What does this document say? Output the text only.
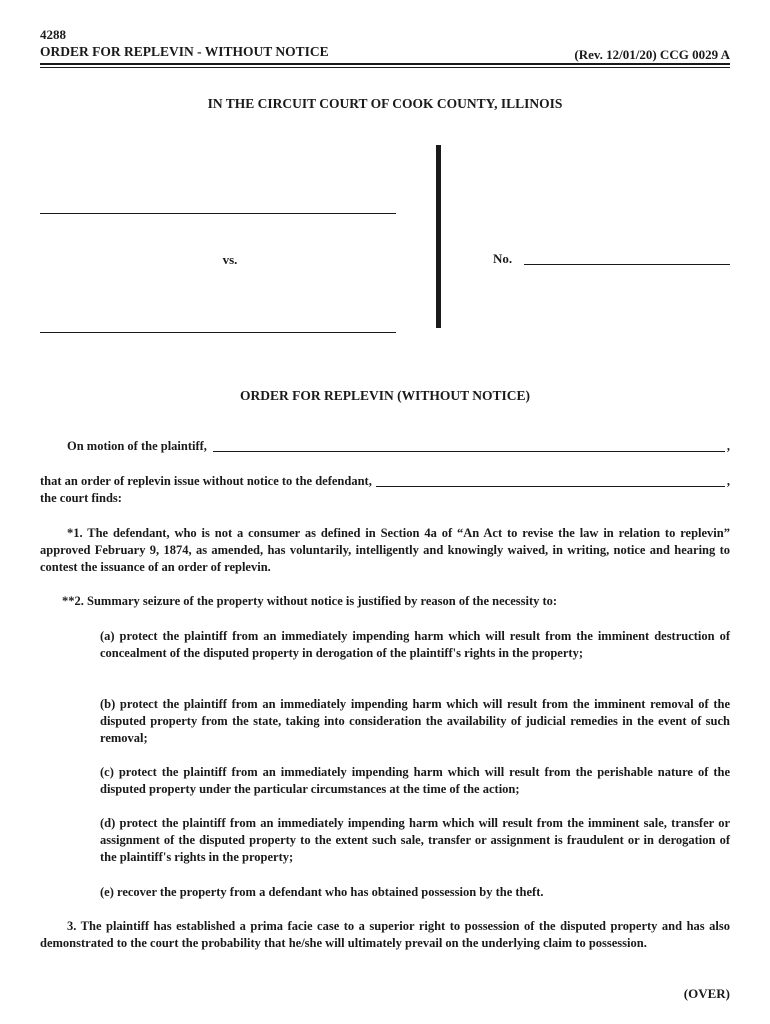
4288
ORDER FOR REPLEVIN - WITHOUT NOTICE	(Rev. 12/01/20) CCG 0029 A
IN THE CIRCUIT COURT OF COOK COUNTY, ILLINOIS
vs.	No.
ORDER FOR REPLEVIN (WITHOUT NOTICE)
On motion of the plaintiff,	,
that an order of replevin issue without notice to the defendant,	,
the court finds:
*1. The defendant, who is not a consumer as defined in Section 4a of “An Act to revise the law in relation to replevin” approved February 9, 1874, as amended, has voluntarily, intelligently and knowingly waived, in writing, notice and hearing to contest the issuance of an order of replevin.
**2. Summary seizure of the property without notice is justified by reason of the necessity to:
(a) protect the plaintiff from an immediately impending harm which will result from the imminent destruction of concealment of the disputed property in derogation of the plaintiff's rights in the property;
(b) protect the plaintiff from an immediately impending harm which will result from the imminent removal of the disputed property from the state, taking into consideration the availability of judicial remedies in the event of such removal;
(c) protect the plaintiff from an immediately impending harm which will result from the perishable nature of the disputed property under the particular circumstances at the time of the action;
(d) protect the plaintiff from an immediately impending harm which will result from the imminent sale, transfer or assignment of the disputed property to the extent such sale, transfer or assignment is fraudulent or in derogation of the plaintiff's rights in the property;
(e) recover the property from a defendant who has obtained possession by the theft.
3. The plaintiff has established a prima facie case to a superior right to possession of the disputed property and has also demonstrated to the court the probability that he/she will ultimately prevail on the underlying claim to possession.
(OVER)
